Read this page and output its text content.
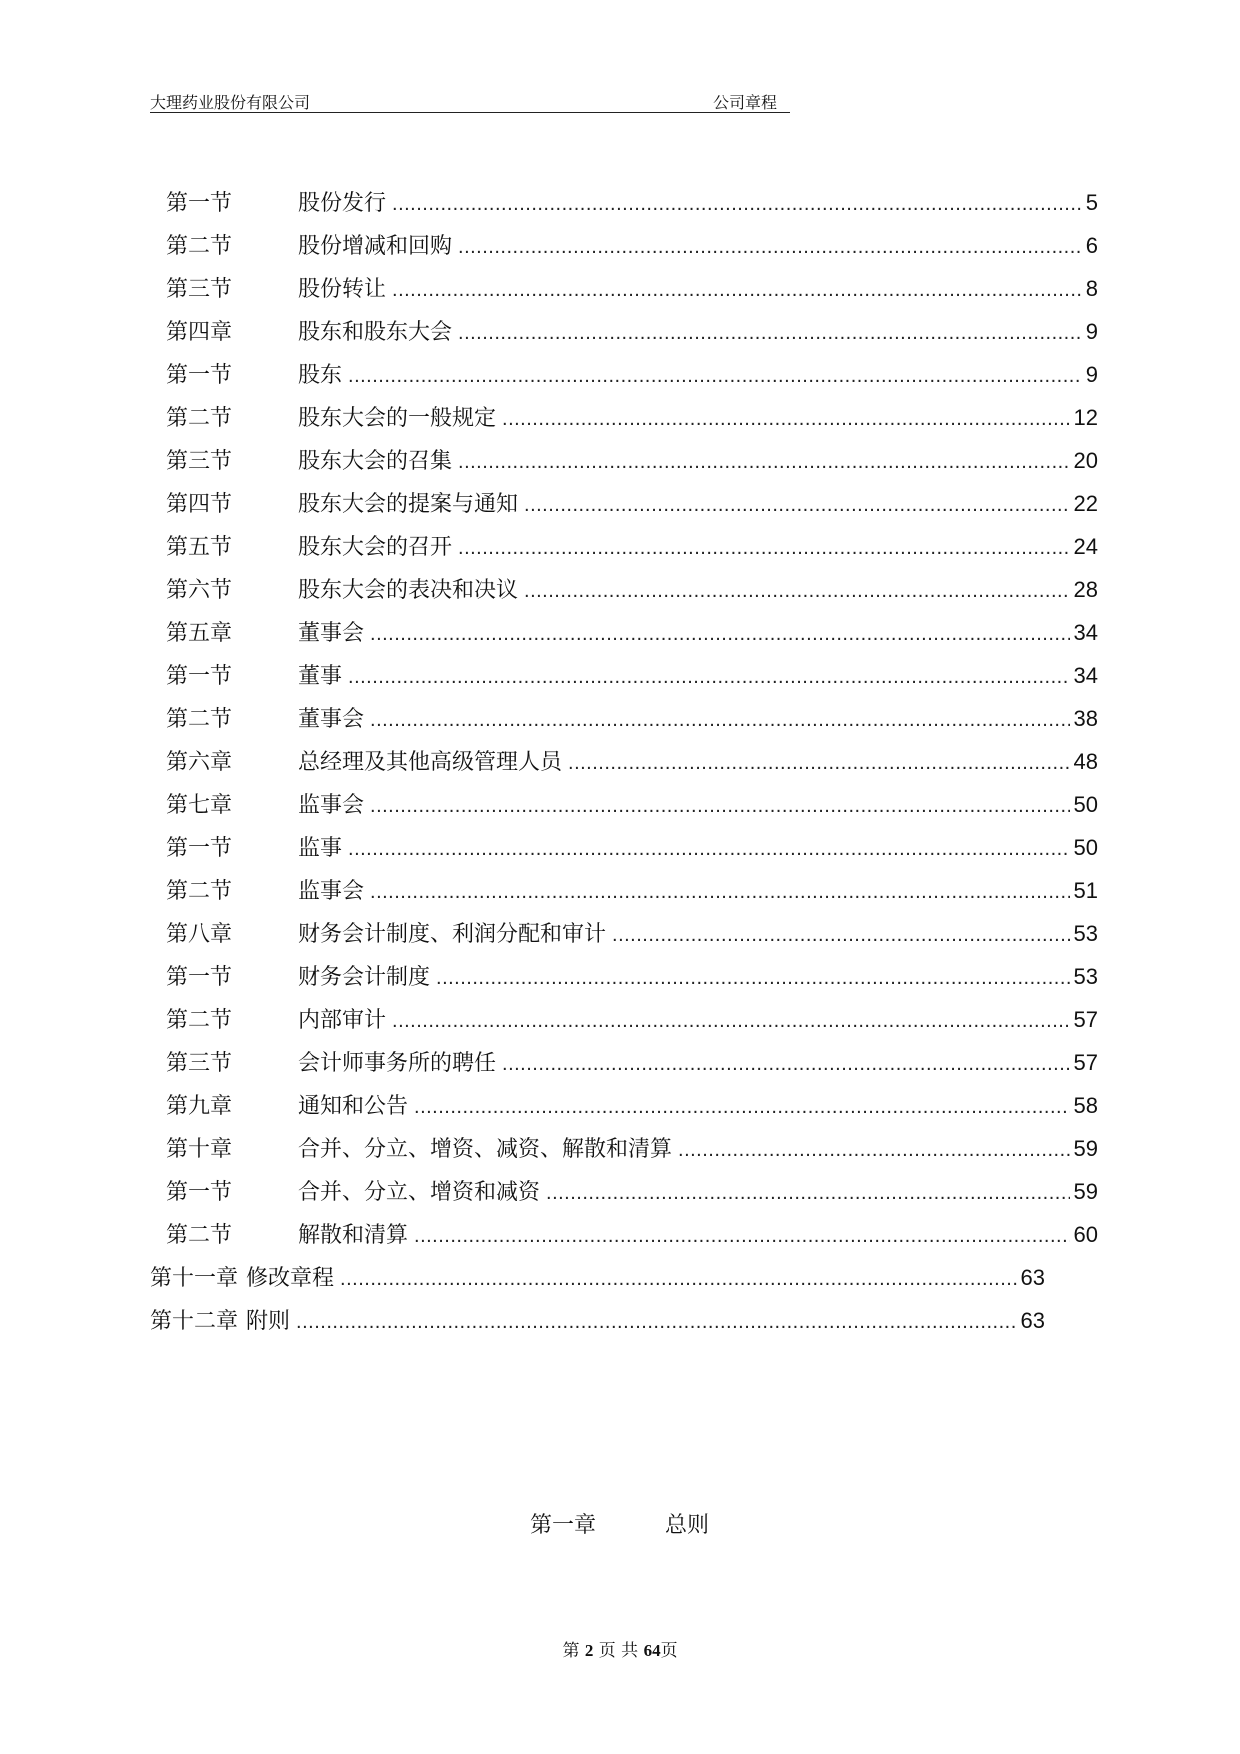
大理药业股份有限公司	公司章程
第一节	股份发行 .....	5
第二节	股份增减和回购 .....	6
第三节	股份转让 .....	8
第四章	股东和股东大会 .....	9
第一节	股东 .....	9
第二节	股东大会的一般规定 .....	12
第三节	股东大会的召集 .....	20
第四节	股东大会的提案与通知 .....	22
第五节	股东大会的召开 .....	24
第六节	股东大会的表决和决议 .....	28
第五章	董事会 .....	34
第一节	董事 .....	34
第二节	董事会 .....	38
第六章	总经理及其他高级管理人员 .....	48
第七章	监事会 .....	50
第一节	监事 .....	50
第二节	监事会 .....	51
第八章	财务会计制度、利润分配和审计 .....	53
第一节	财务会计制度 .....	53
第二节	内部审计 .....	57
第三节	会计师事务所的聘任 .....	57
第九章	通知和公告 .....	58
第十章	合并、分立、增资、减资、解散和清算 .....	59
第一节	合并、分立、增资和减资 .....	59
第二节	解散和清算 .....	60
第十一章 修改章程 .....	63
第十二章 附则 .....	63
第一章	总则
第 2 页 共 64页
